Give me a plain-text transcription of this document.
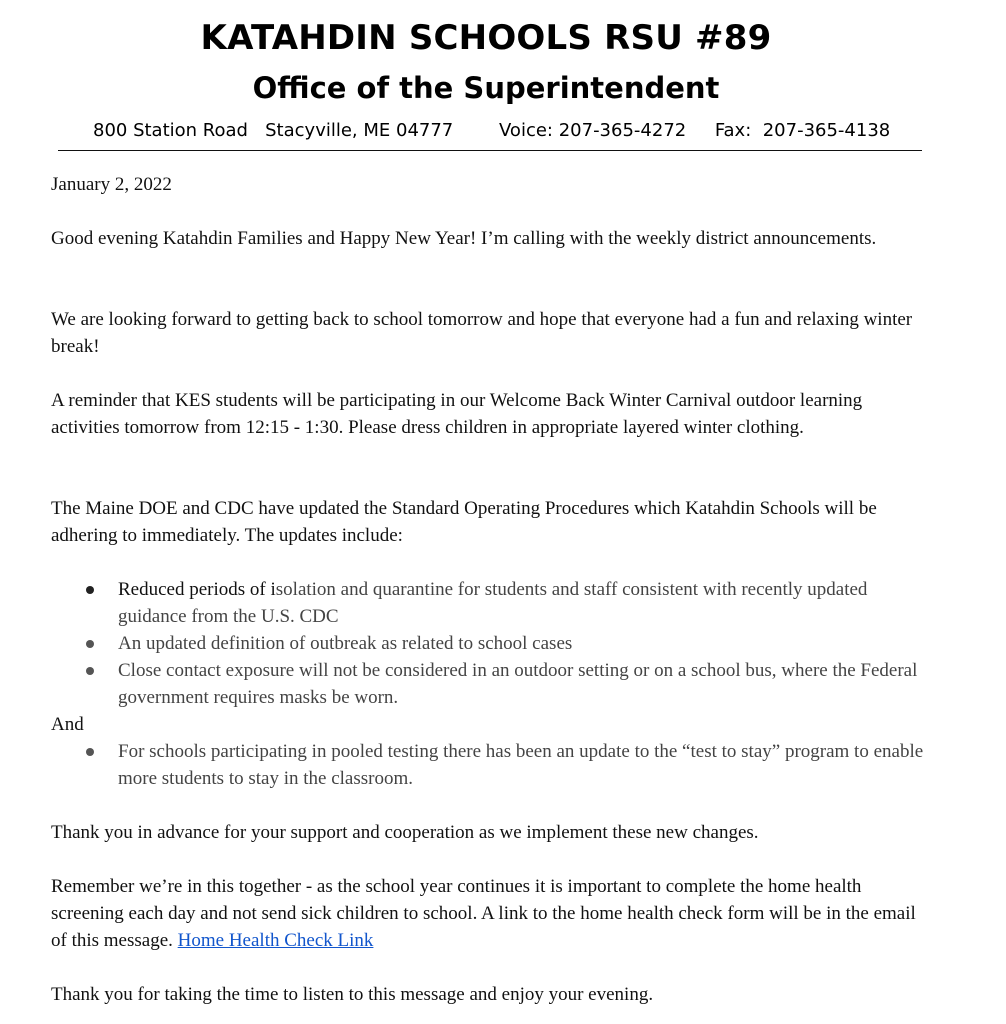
KATAHDIN SCHOOLS RSU #89
Office of the Superintendent
800 Station Road   Stacyville, ME 04777        Voice: 207-365-4272     Fax:  207-365-4138

January 2, 2022

Good evening Katahdin Families and Happy New Year! I’m calling with the weekly district announcements.

We are looking forward to getting back to school tomorrow and hope that everyone had a fun and relaxing winter break!

A reminder that KES students will be participating in our Welcome Back Winter Carnival outdoor learning activities tomorrow from 12:15 - 1:30. Please dress children in appropriate layered winter clothing.

The Maine DOE and CDC have updated the Standard Operating Procedures which Katahdin Schools will be adhering to immediately. The updates include:

Reduced periods of isolation and quarantine for students and staff consistent with recently updated guidance from the U.S. CDC
An updated definition of outbreak as related to school cases
Close contact exposure will not be considered in an outdoor setting or on a school bus, where the Federal government requires masks be worn.

And

For schools participating in pooled testing there has been an update to the “test to stay” program to enable more students to stay in the classroom.

Thank you in advance for your support and cooperation as we implement these new changes.

Remember we’re in this together - as the school year continues it is important to complete the home health screening each day and not send sick children to school. A link to the home health check form will be in the email of this message. Home Health Check Link

Thank you for taking the time to listen to this message and enjoy your evening.
